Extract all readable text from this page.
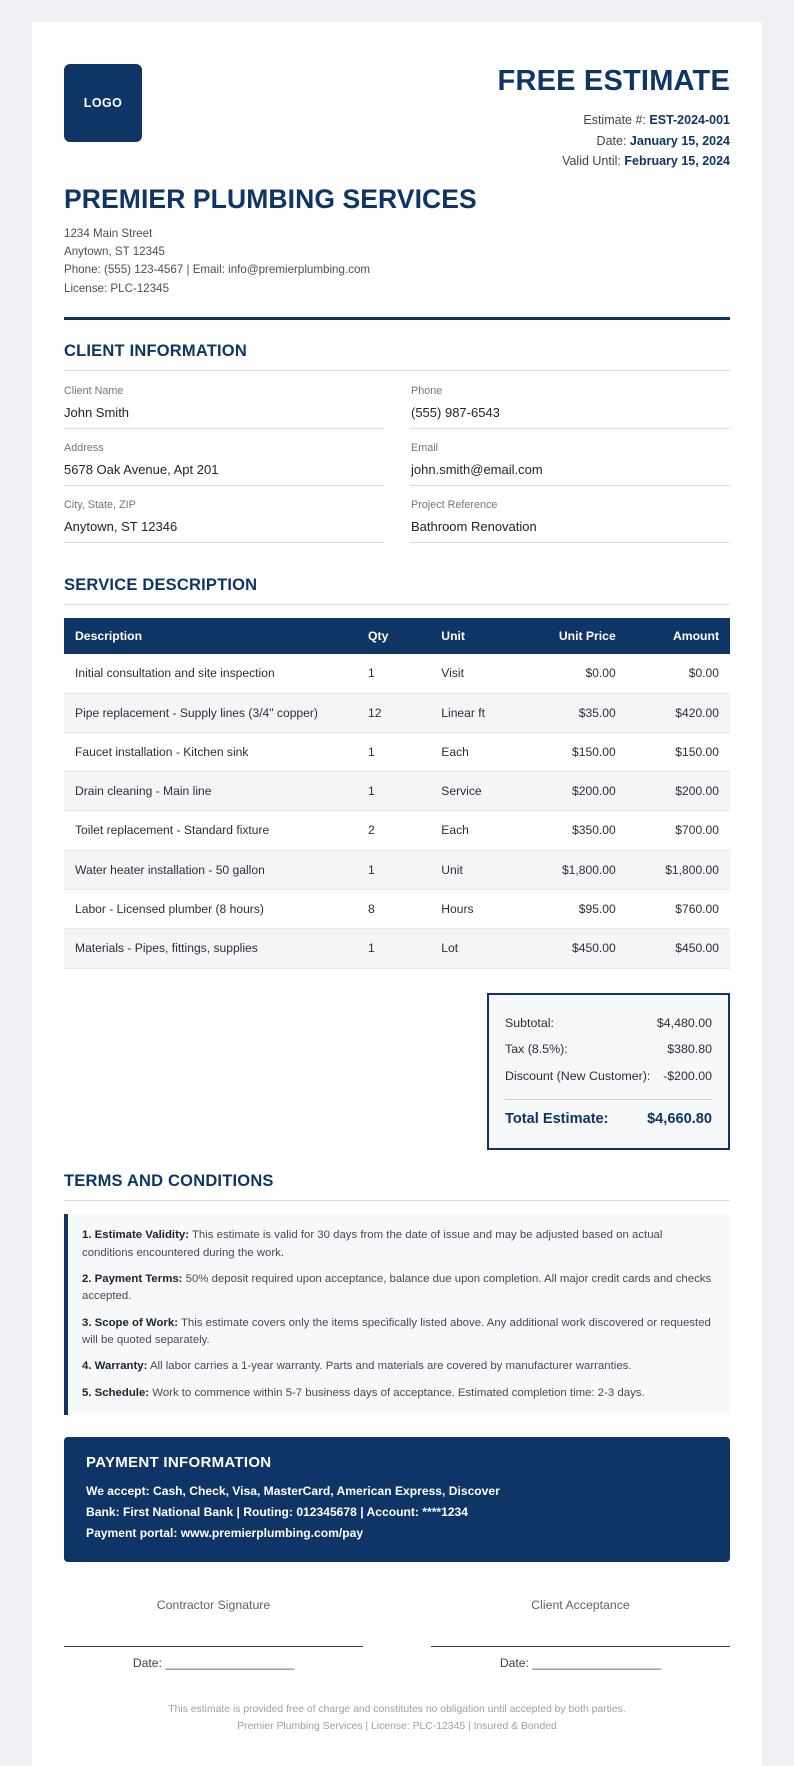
LOGO
FREE ESTIMATE
Estimate #: EST-2024-001
Date: January 15, 2024
Valid Until: February 15, 2024
PREMIER PLUMBING SERVICES
1234 Main Street
Anytown, ST 12345
Phone: (555) 123-4567 | Email: info@premierplumbing.com
License: PLC-12345
CLIENT INFORMATION
Client Name
John Smith
Phone
(555) 987-6543
Address
5678 Oak Avenue, Apt 201
Email
john.smith@email.com
City, State, ZIP
Anytown, ST 12346
Project Reference
Bathroom Renovation
SERVICE DESCRIPTION
Description	Qty	Unit	Unit Price	Amount
Initial consultation and site inspection	1	Visit	$0.00	$0.00
Pipe replacement - Supply lines (3/4" copper)	12	Linear ft	$35.00	$420.00
Faucet installation - Kitchen sink	1	Each	$150.00	$150.00
Drain cleaning - Main line	1	Service	$200.00	$200.00
Toilet replacement - Standard fixture	2	Each	$350.00	$700.00
Water heater installation - 50 gallon	1	Unit	$1,800.00	$1,800.00
Labor - Licensed plumber (8 hours)	8	Hours	$95.00	$760.00
Materials - Pipes, fittings, supplies	1	Lot	$450.00	$450.00
Subtotal:	$4,480.00
Tax (8.5%):	$380.80
Discount (New Customer): -$200.00
Total Estimate:	$4,660.80
TERMS AND CONDITIONS

1. Estimate Validity: This estimate is valid for 30 days from the date of issue and may be adjusted based on actual conditions encountered during the work.

2. Payment Terms: 50% deposit required upon acceptance, balance due upon completion. All major credit cards and checks accepted.

3. Scope of Work: This estimate covers only the items specifically listed above. Any additional work discovered or requested will be quoted separately.

4. Warranty: All labor carries a 1-year warranty. Parts and materials are covered by manufacturer warranties.

5. Schedule: Work to commence within 5-7 business days of acceptance. Estimated completion time: 2-3 days.

PAYMENT INFORMATION
We accept: Cash, Check, Visa, MasterCard, American Express, Discover
Bank: First National Bank | Routing: 012345678 | Account: ****1234
Payment portal: www.premierplumbing.com/pay
Contractor Signature
Date: ___________________
Client Acceptance
Date: ___________________
This estimate is provided free of charge and constitutes no obligation until accepted by both parties.
Premier Plumbing Services | License: PLC-12345 | Insured & Bonded
